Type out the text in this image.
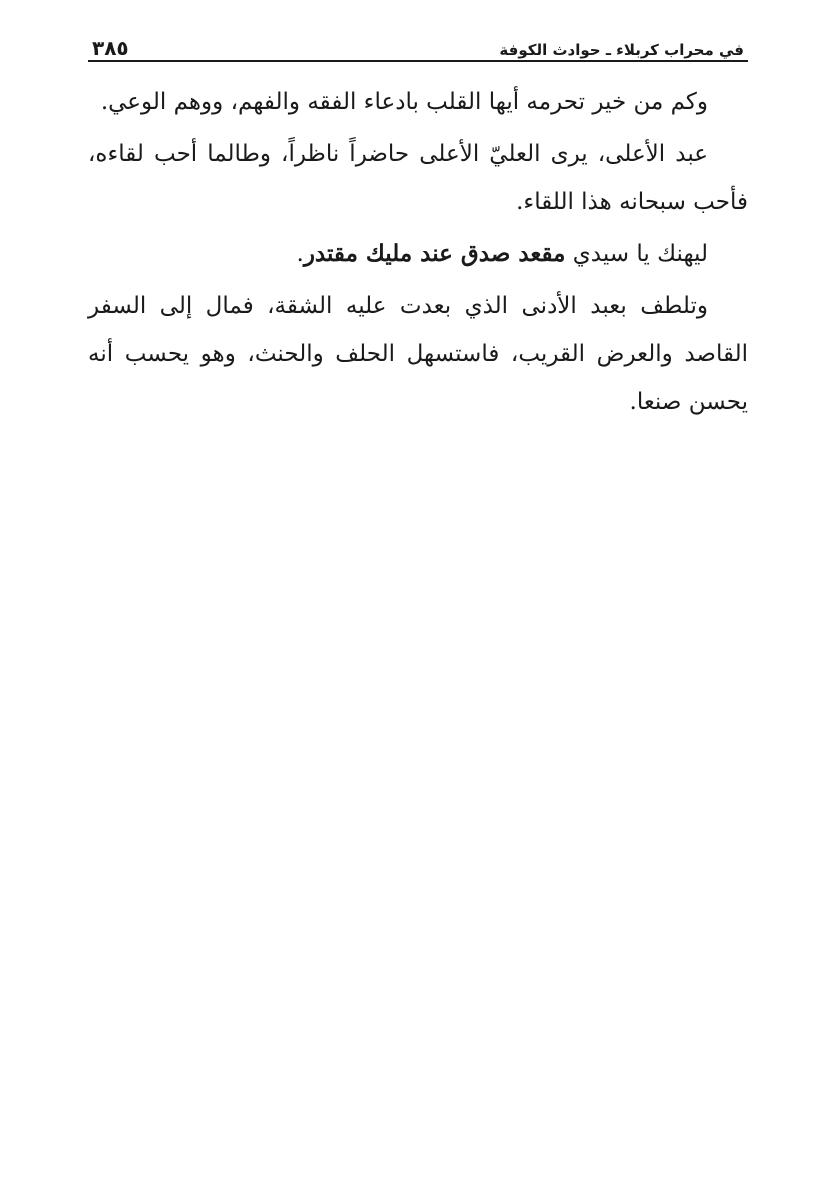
في محراب كربلاء ـ حوادث الكوفة
٣٨٥

وكم من خير تحرمه أيها القلب بادعاء الفقه والفهم، ووهم الوعي.

عبد الأعلى، يرى العليّ الأعلى حاضراً ناظراً، وطالما أحب لقاءه، فأحب سبحانه هذا اللقاء.

ليهنك يا سيدي مقعد صدق عند مليك مقتدر.

وتلطف بعبد الأدنى الذي بعدت عليه الشقة، فمال إلى السفر القاصد والعرض القريب، فاستسهل الحلف والحنث، وهو يحسب أنه يحسن صنعا.
